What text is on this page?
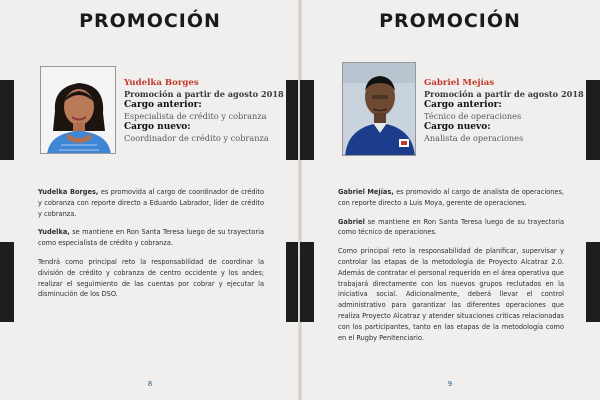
PROMOCIÓN
Yudelka Borges
Promoción a partir de agosto 2018
Cargo anterior:
Especialista de crédito y cobranza
Cargo nuevo:
Coordinador de crédito y cobranza

Yudelka Borges, es promovida al cargo de coordinador de crédito y cobranza con reporte directo a Eduardo Labrador, líder de crédito y cobranza.

Yudelka, se mantiene en Ron Santa Teresa luego de su trayectoria como especialista de crédito y cobranza.

Tendrá como principal reto la responsabilidad de coordinar la división de crédito y cobranza de centro occidente y los andes; realizar el seguimiento de las cuentas por cobrar y ejecutar la disminución de los DSO.

8
PROMOCIÓN
Gabriel Mejías
Promoción a partir de agosto 2018
Cargo anterior:
Técnico de operaciones
Cargo nuevo:
Analista de operaciones

Gabriel Mejías, es promovido al cargo de analista de operaciones, con reporte directo a Luis Moya, gerente de operaciones.

Gabriel se mantiene en Ron Santa Teresa luego de su trayectoria como técnico de operaciones.

Como principal reto la responsabilidad de planificar, supervisar y controlar las etapas de la metodología de Proyecto Alcatraz 2.0. Además de contratar el personal requerido en el área operativa que trabajará directamente con los nuevos grupos reclutados en la iniciativa social. Adicionalmente, deberá llevar el control administrativo para garantizar las diferentes operaciones que realiza Proyecto Alcatraz y atender situaciones críticas relacionadas con los participantes, tanto en las etapas de la metodología como en el Rugby Penitenciario.

9
